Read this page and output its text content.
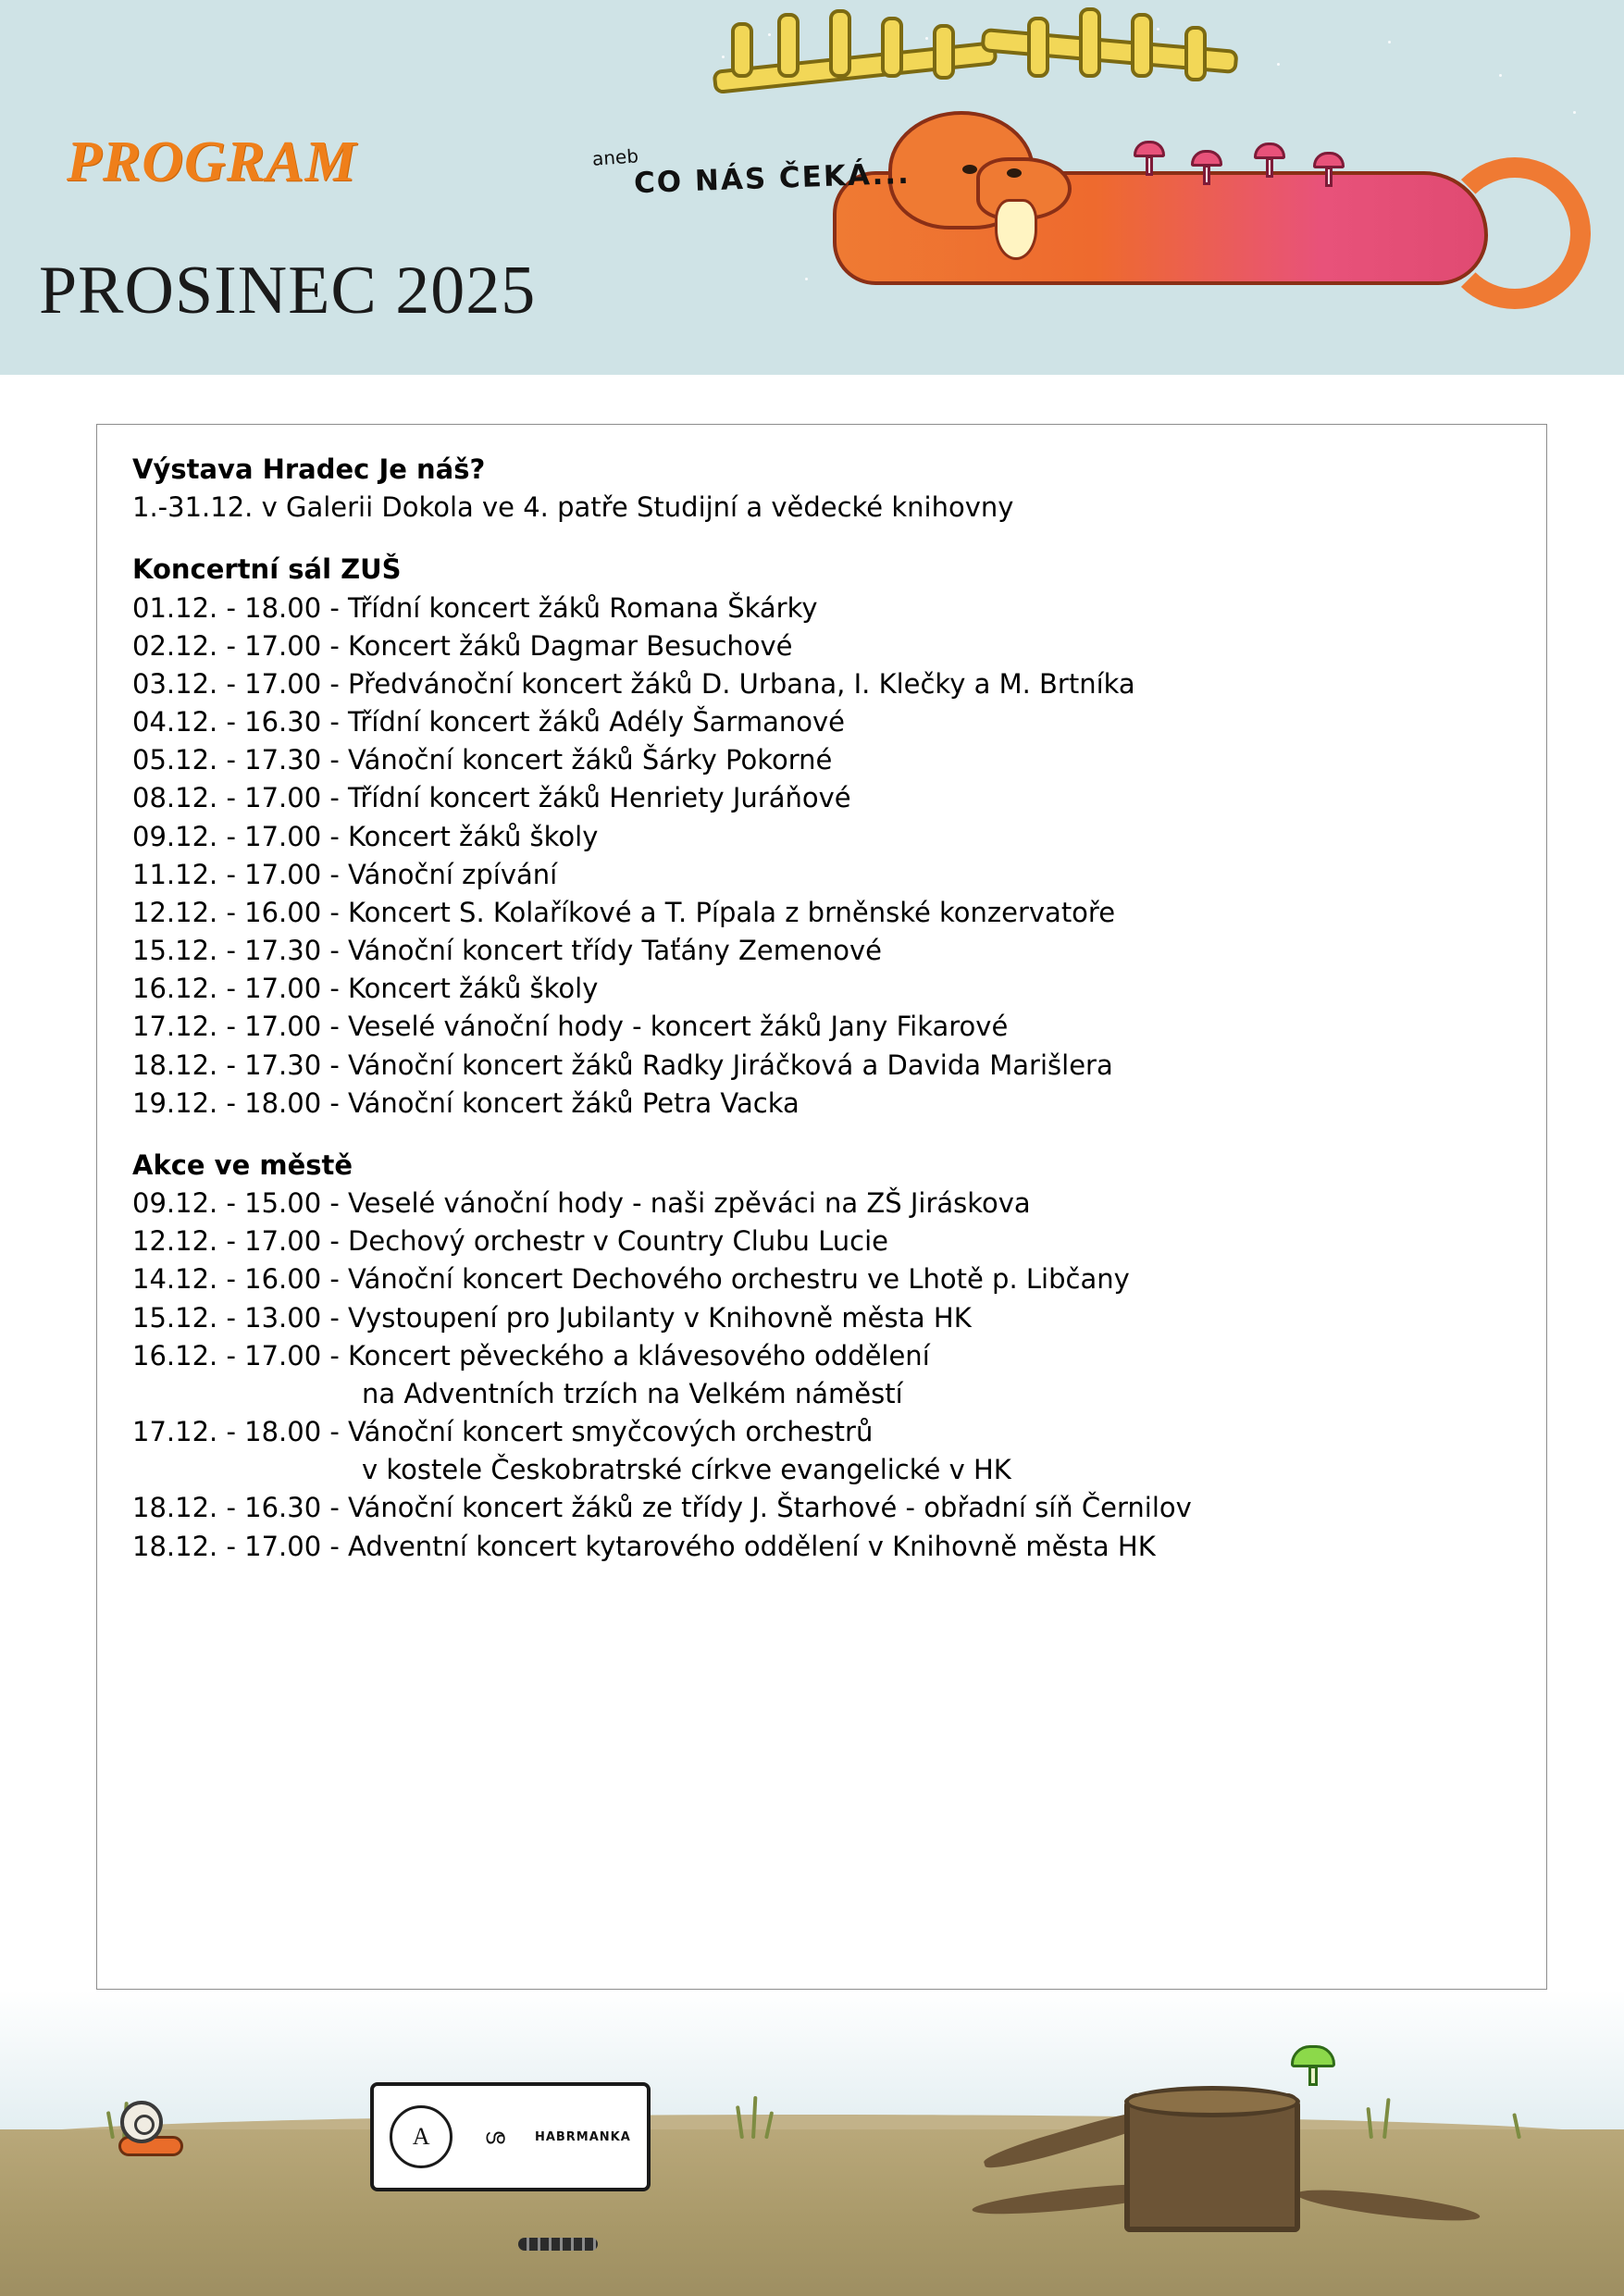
PROGRAM	aneb
CO NÁS ČEKÁ...
PROSINEC 2025
Výstava Hradec Je náš?
1.-31.12. v Galerii Dokola ve 4. patře Studijní a vědecké knihovny
Koncertní sál ZUŠ
01.12. - 18.00 - Třídní koncert žáků Romana Škárky
02.12. - 17.00 - Koncert žáků Dagmar Besuchové
03.12. - 17.00 - Předvánoční koncert žáků D. Urbana, I. Klečky a M. Brtníka
04.12. - 16.30 - Třídní koncert žáků Adély Šarmanové
05.12. - 17.30 - Vánoční koncert žáků Šárky Pokorné
08.12. - 17.00 - Třídní koncert žáků Henriety Juráňové
09.12. - 17.00 - Koncert žáků školy
11.12. - 17.00 - Vánoční zpívání
12.12. - 16.00 - Koncert S. Kolaříkové a T. Pípala z brněnské konzervatoře
15.12. - 17.30 - Vánoční koncert třídy Taťány Zemenové
16.12. - 17.00 - Koncert žáků školy
17.12. - 17.00 - Veselé vánoční hody - koncert žáků Jany Fikarové
18.12. - 17.30 - Vánoční koncert žáků Radky Jiráčková a Davida Marišlera
19.12. - 18.00 - Vánoční koncert žáků Petra Vacka
Akce ve městě
09.12. - 15.00 - Veselé vánoční hody - naši zpěváci na ZŠ Jiráskova
12.12. - 17.00 - Dechový orchestr v Country Clubu Lucie
14.12. - 16.00 - Vánoční koncert Dechového orchestru ve Lhotě p. Libčany
15.12. - 13.00 - Vystoupení pro Jubilanty v Knihovně města HK
16.12. - 17.00 - Koncert pěveckého a klávesového oddělení
na Adventních trzích na Velkém náměstí
17.12. - 18.00 - Vánoční koncert smyčcových orchestrů
v kostele Českobratrské církve evangelické v HK
18.12. - 16.30 - Vánoční koncert žáků ze třídy J. Štarhové - obřadní síň Černilov
18.12. - 17.00 - Adventní koncert kytarového oddělení v Knihovně města HK
A	ശ	HABRMANKA
